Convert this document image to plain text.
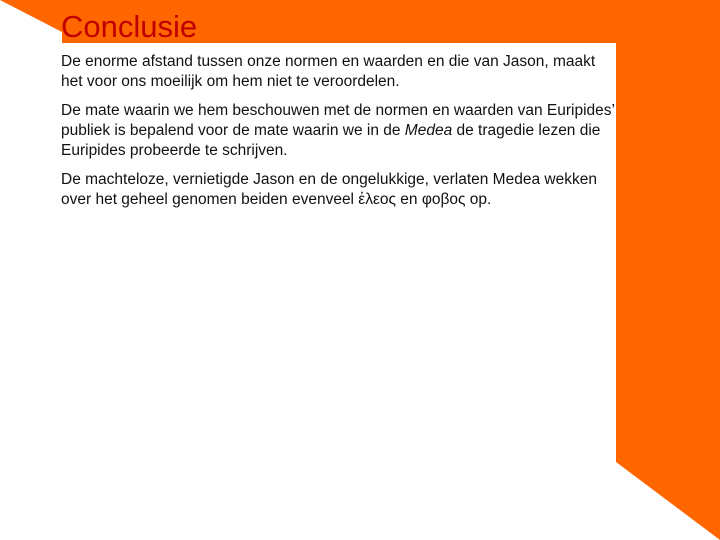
Conclusie

De enorme afstand tussen onze normen en waarden en die van Jason, maakt het voor ons moeilijk om hem niet te veroordelen.

De mate waarin we hem beschouwen met de normen en waarden van Euripides’ publiek is bepalend voor de mate waarin we in de Medea de tragedie lezen die Euripides probeerde te schrijven.

De machteloze, vernietigde Jason en de ongelukkige, verlaten Medea wekken over het geheel genomen beiden evenveel ἐλεος en φοβος op.
